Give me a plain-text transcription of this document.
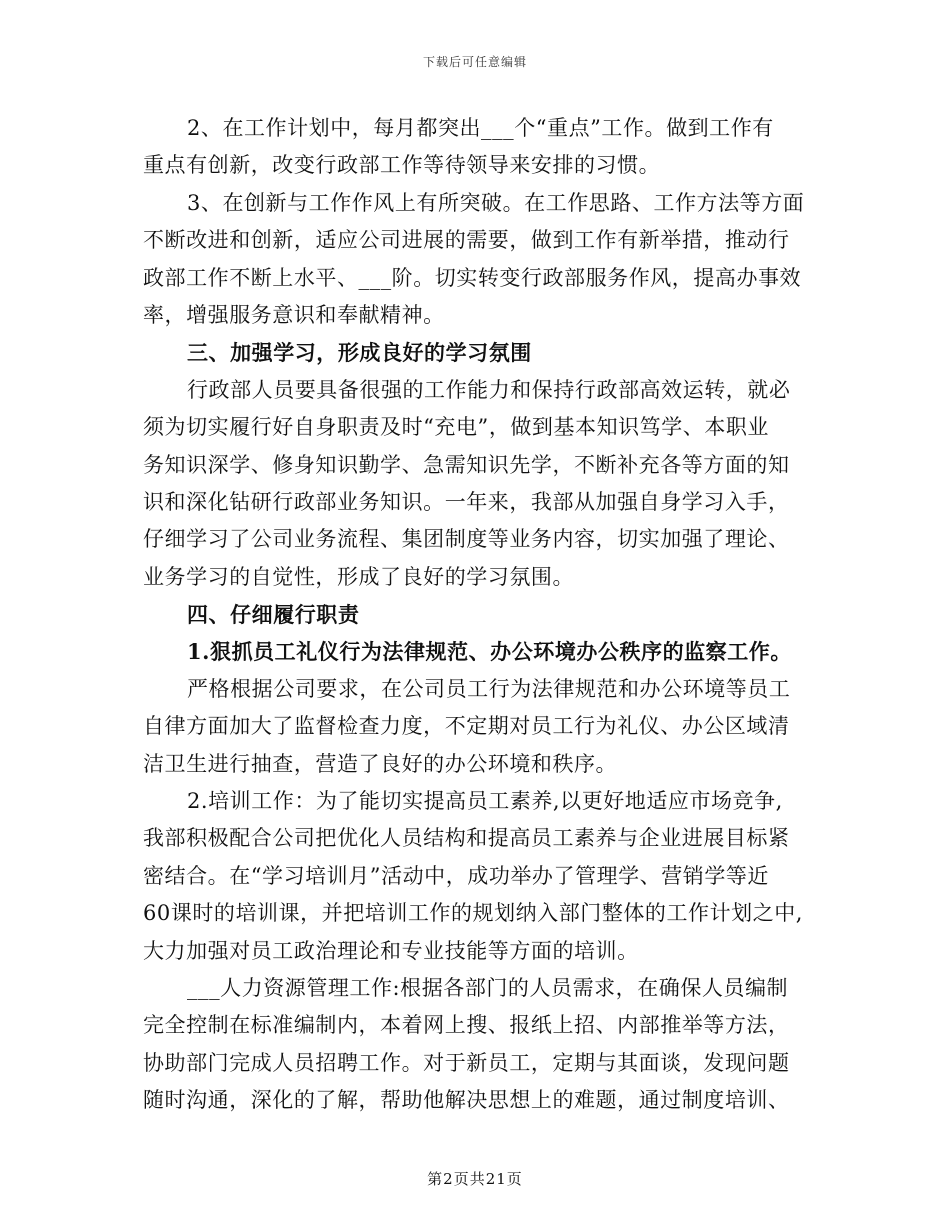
下载后可任意编辑
2、在工作计划中，每月都突出___个“重点”工作。做到工作有
重点有创新，改变行政部工作等待领导来安排的习惯。
3、在创新与工作作风上有所突破。在工作思路、工作方法等方面
不断改进和创新，适应公司进展的需要，做到工作有新举措，推动行
政部工作不断上水平、___阶。切实转变行政部服务作风，提高办事效
率，增强服务意识和奉献精神。
三、加强学习，形成良好的学习氛围
行政部人员要具备很强的工作能力和保持行政部高效运转，就必
须为切实履行好自身职责及时“充电”，做到基本知识笃学、本职业
务知识深学、修身知识勤学、急需知识先学，不断补充各等方面的知
识和深化钻研行政部业务知识。一年来，我部从加强自身学习入手，
仔细学习了公司业务流程、集团制度等业务内容，切实加强了理论、
业务学习的自觉性，形成了良好的学习氛围。
四、仔细履行职责
1.狠抓员工礼仪行为法律规范、办公环境办公秩序的监察工作。
严格根据公司要求，在公司员工行为法律规范和办公环境等员工
自律方面加大了监督检查力度，不定期对员工行为礼仪、办公区域清
洁卫生进行抽查，营造了良好的办公环境和秩序。
2.培训工作：为了能切实提高员工素养,以更好地适应市场竞争,
我部积极配合公司把优化人员结构和提高员工素养与企业进展目标紧
密结合。在“学习培训月”活动中，成功举办了管理学、营销学等近
60课时的培训课，并把培训工作的规划纳入部门整体的工作计划之中,
大力加强对员工政治理论和专业技能等方面的培训。
___人力资源管理工作:根据各部门的人员需求，在确保人员编制
完全控制在标准编制内，本着网上搜、报纸上招、内部推举等方法，
协助部门完成人员招聘工作。对于新员工，定期与其面谈，发现问题
随时沟通，深化的了解，帮助他解决思想上的难题，通过制度培训、
第2页共21页
